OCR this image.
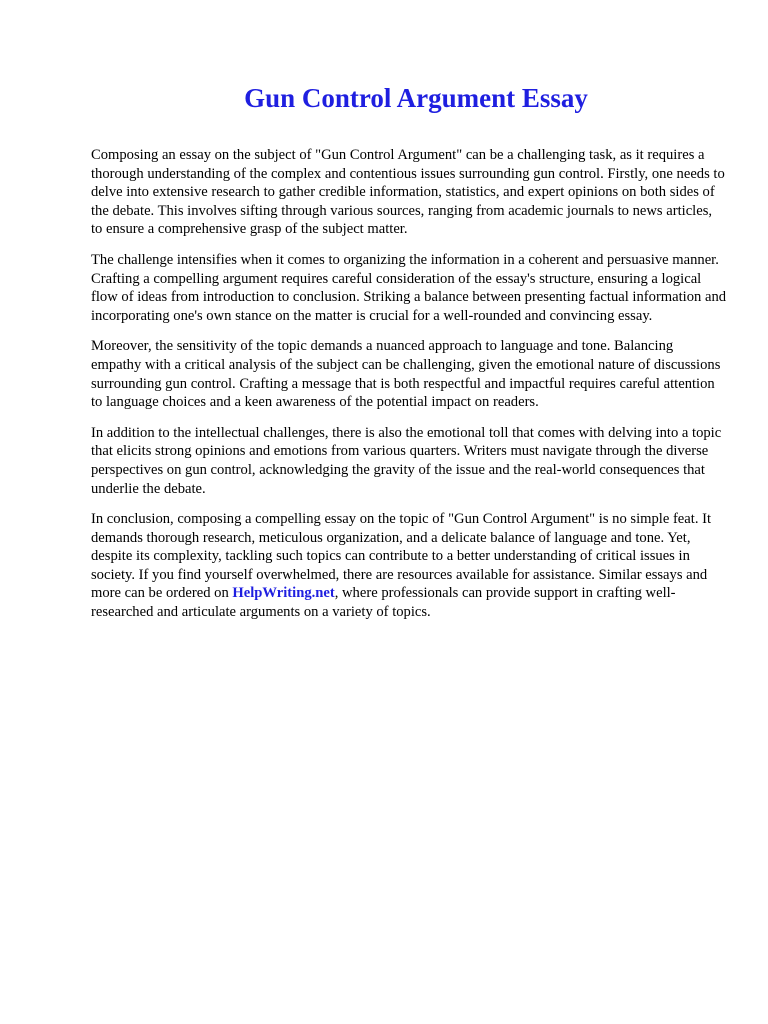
Gun Control Argument Essay

Composing an essay on the subject of "Gun Control Argument" can be a challenging task, as it requires a thorough understanding of the complex and contentious issues surrounding gun control. Firstly, one needs to delve into extensive research to gather credible information, statistics, and expert opinions on both sides of the debate. This involves sifting through various sources, ranging from academic journals to news articles, to ensure a comprehensive grasp of the subject matter.

The challenge intensifies when it comes to organizing the information in a coherent and persuasive manner. Crafting a compelling argument requires careful consideration of the essay's structure, ensuring a logical flow of ideas from introduction to conclusion. Striking a balance between presenting factual information and incorporating one's own stance on the matter is crucial for a well-rounded and convincing essay.

Moreover, the sensitivity of the topic demands a nuanced approach to language and tone. Balancing empathy with a critical analysis of the subject can be challenging, given the emotional nature of discussions surrounding gun control. Crafting a message that is both respectful and impactful requires careful attention to language choices and a keen awareness of the potential impact on readers.

In addition to the intellectual challenges, there is also the emotional toll that comes with delving into a topic that elicits strong opinions and emotions from various quarters. Writers must navigate through the diverse perspectives on gun control, acknowledging the gravity of the issue and the real-world consequences that underlie the debate.

In conclusion, composing a compelling essay on the topic of "Gun Control Argument" is no simple feat. It demands thorough research, meticulous organization, and a delicate balance of language and tone. Yet, despite its complexity, tackling such topics can contribute to a better understanding of critical issues in society. If you find yourself overwhelmed, there are resources available for assistance. Similar essays and more can be ordered on HelpWriting.net, where professionals can provide support in crafting well-researched and articulate arguments on a variety of topics.
